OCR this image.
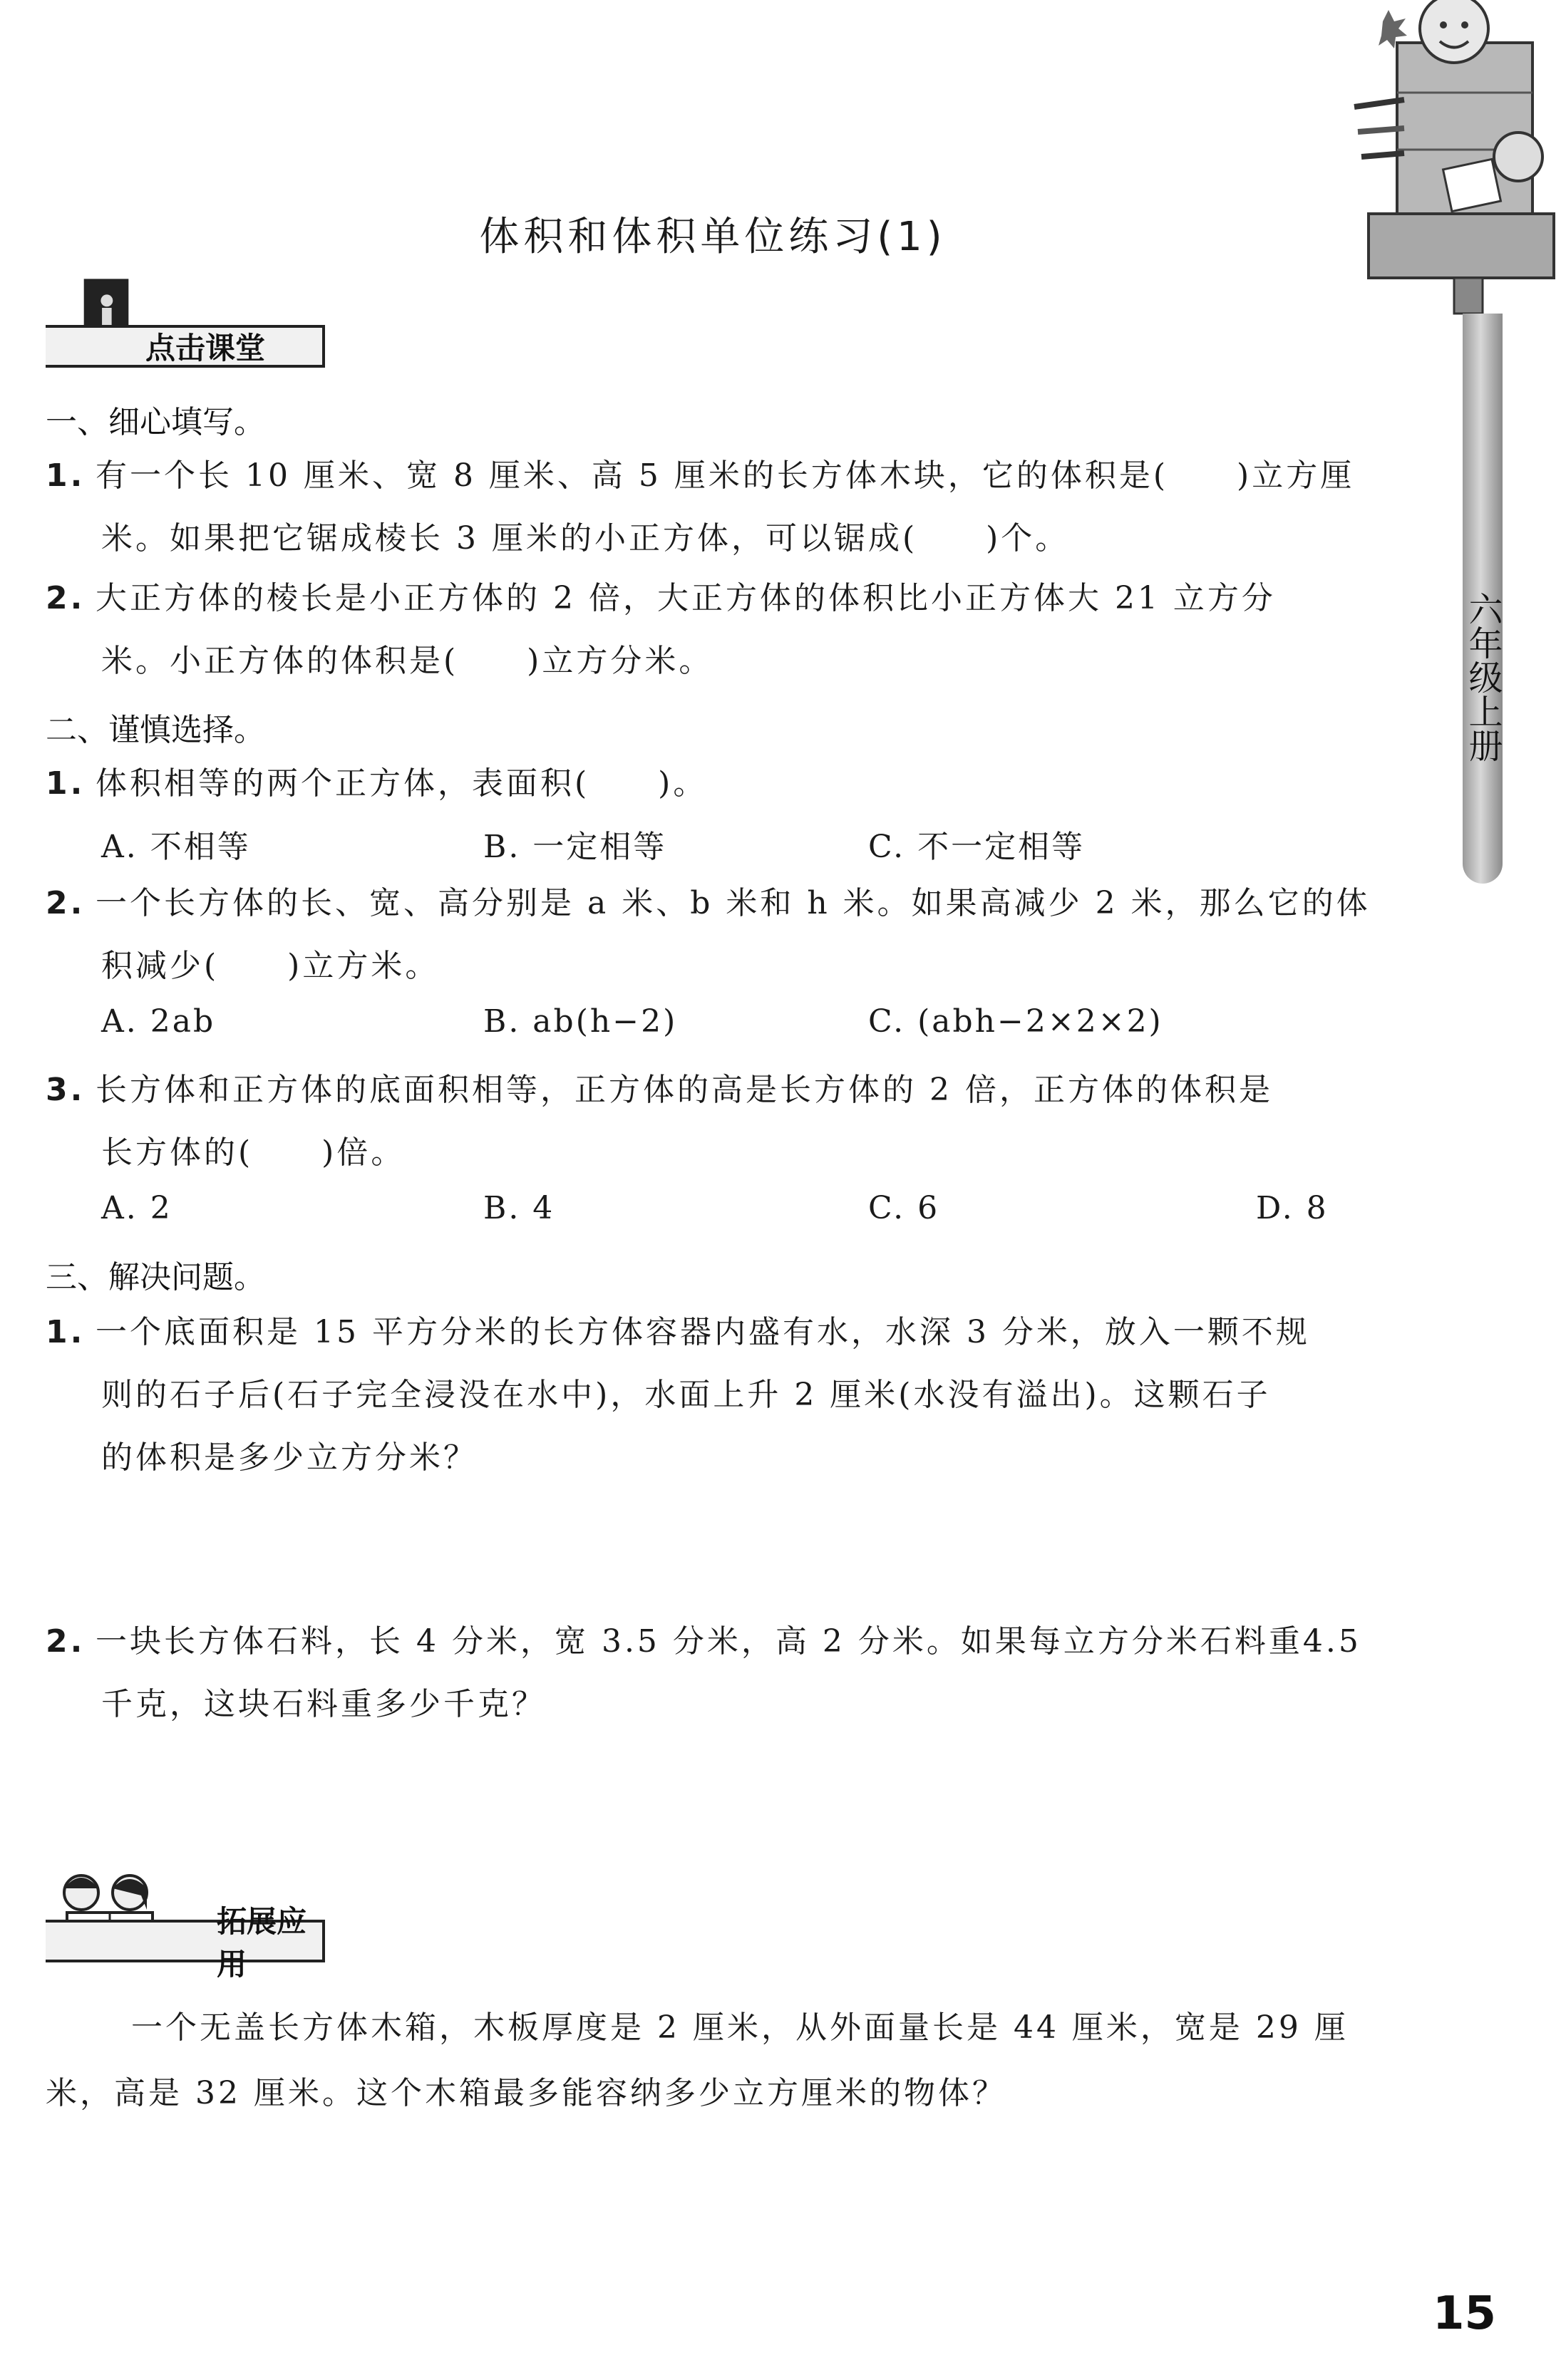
六年级上册
体积和体积单位练习(1)
点击课堂
一、细心填写。
1. 有一个长 10 厘米、宽 8 厘米、高 5 厘米的长方体木块，它的体积是(　　)立方厘
米。如果把它锯成棱长 3 厘米的小正方体，可以锯成(　　)个。
2. 大正方体的棱长是小正方体的 2 倍，大正方体的体积比小正方体大 21 立方分
米。小正方体的体积是(　　)立方分米。
二、谨慎选择。
1. 体积相等的两个正方体，表面积(　　)。
A. 不相等	B. 一定相等	C. 不一定相等
2. 一个长方体的长、宽、高分别是 a 米、b 米和 h 米。如果高减少 2 米，那么它的体
积减少(　　)立方米。
A. 2ab	B. ab(h−2)	C. (abh−2×2×2)
3. 长方体和正方体的底面积相等，正方体的高是长方体的 2 倍，正方体的体积是
长方体的(　　)倍。
A. 2	B. 4	C. 6	D. 8
三、解决问题。
1. 一个底面积是 15 平方分米的长方体容器内盛有水，水深 3 分米，放入一颗不规
则的石子后(石子完全浸没在水中)，水面上升 2 厘米(水没有溢出)。这颗石子
的体积是多少立方分米？
2. 一块长方体石料，长 4 分米，宽 3.5 分米，高 2 分米。如果每立方分米石料重4.5
千克，这块石料重多少千克？
拓展应用
一个无盖长方体木箱，木板厚度是 2 厘米，从外面量长是 44 厘米，宽是 29 厘
米，高是 32 厘米。这个木箱最多能容纳多少立方厘米的物体？
15
